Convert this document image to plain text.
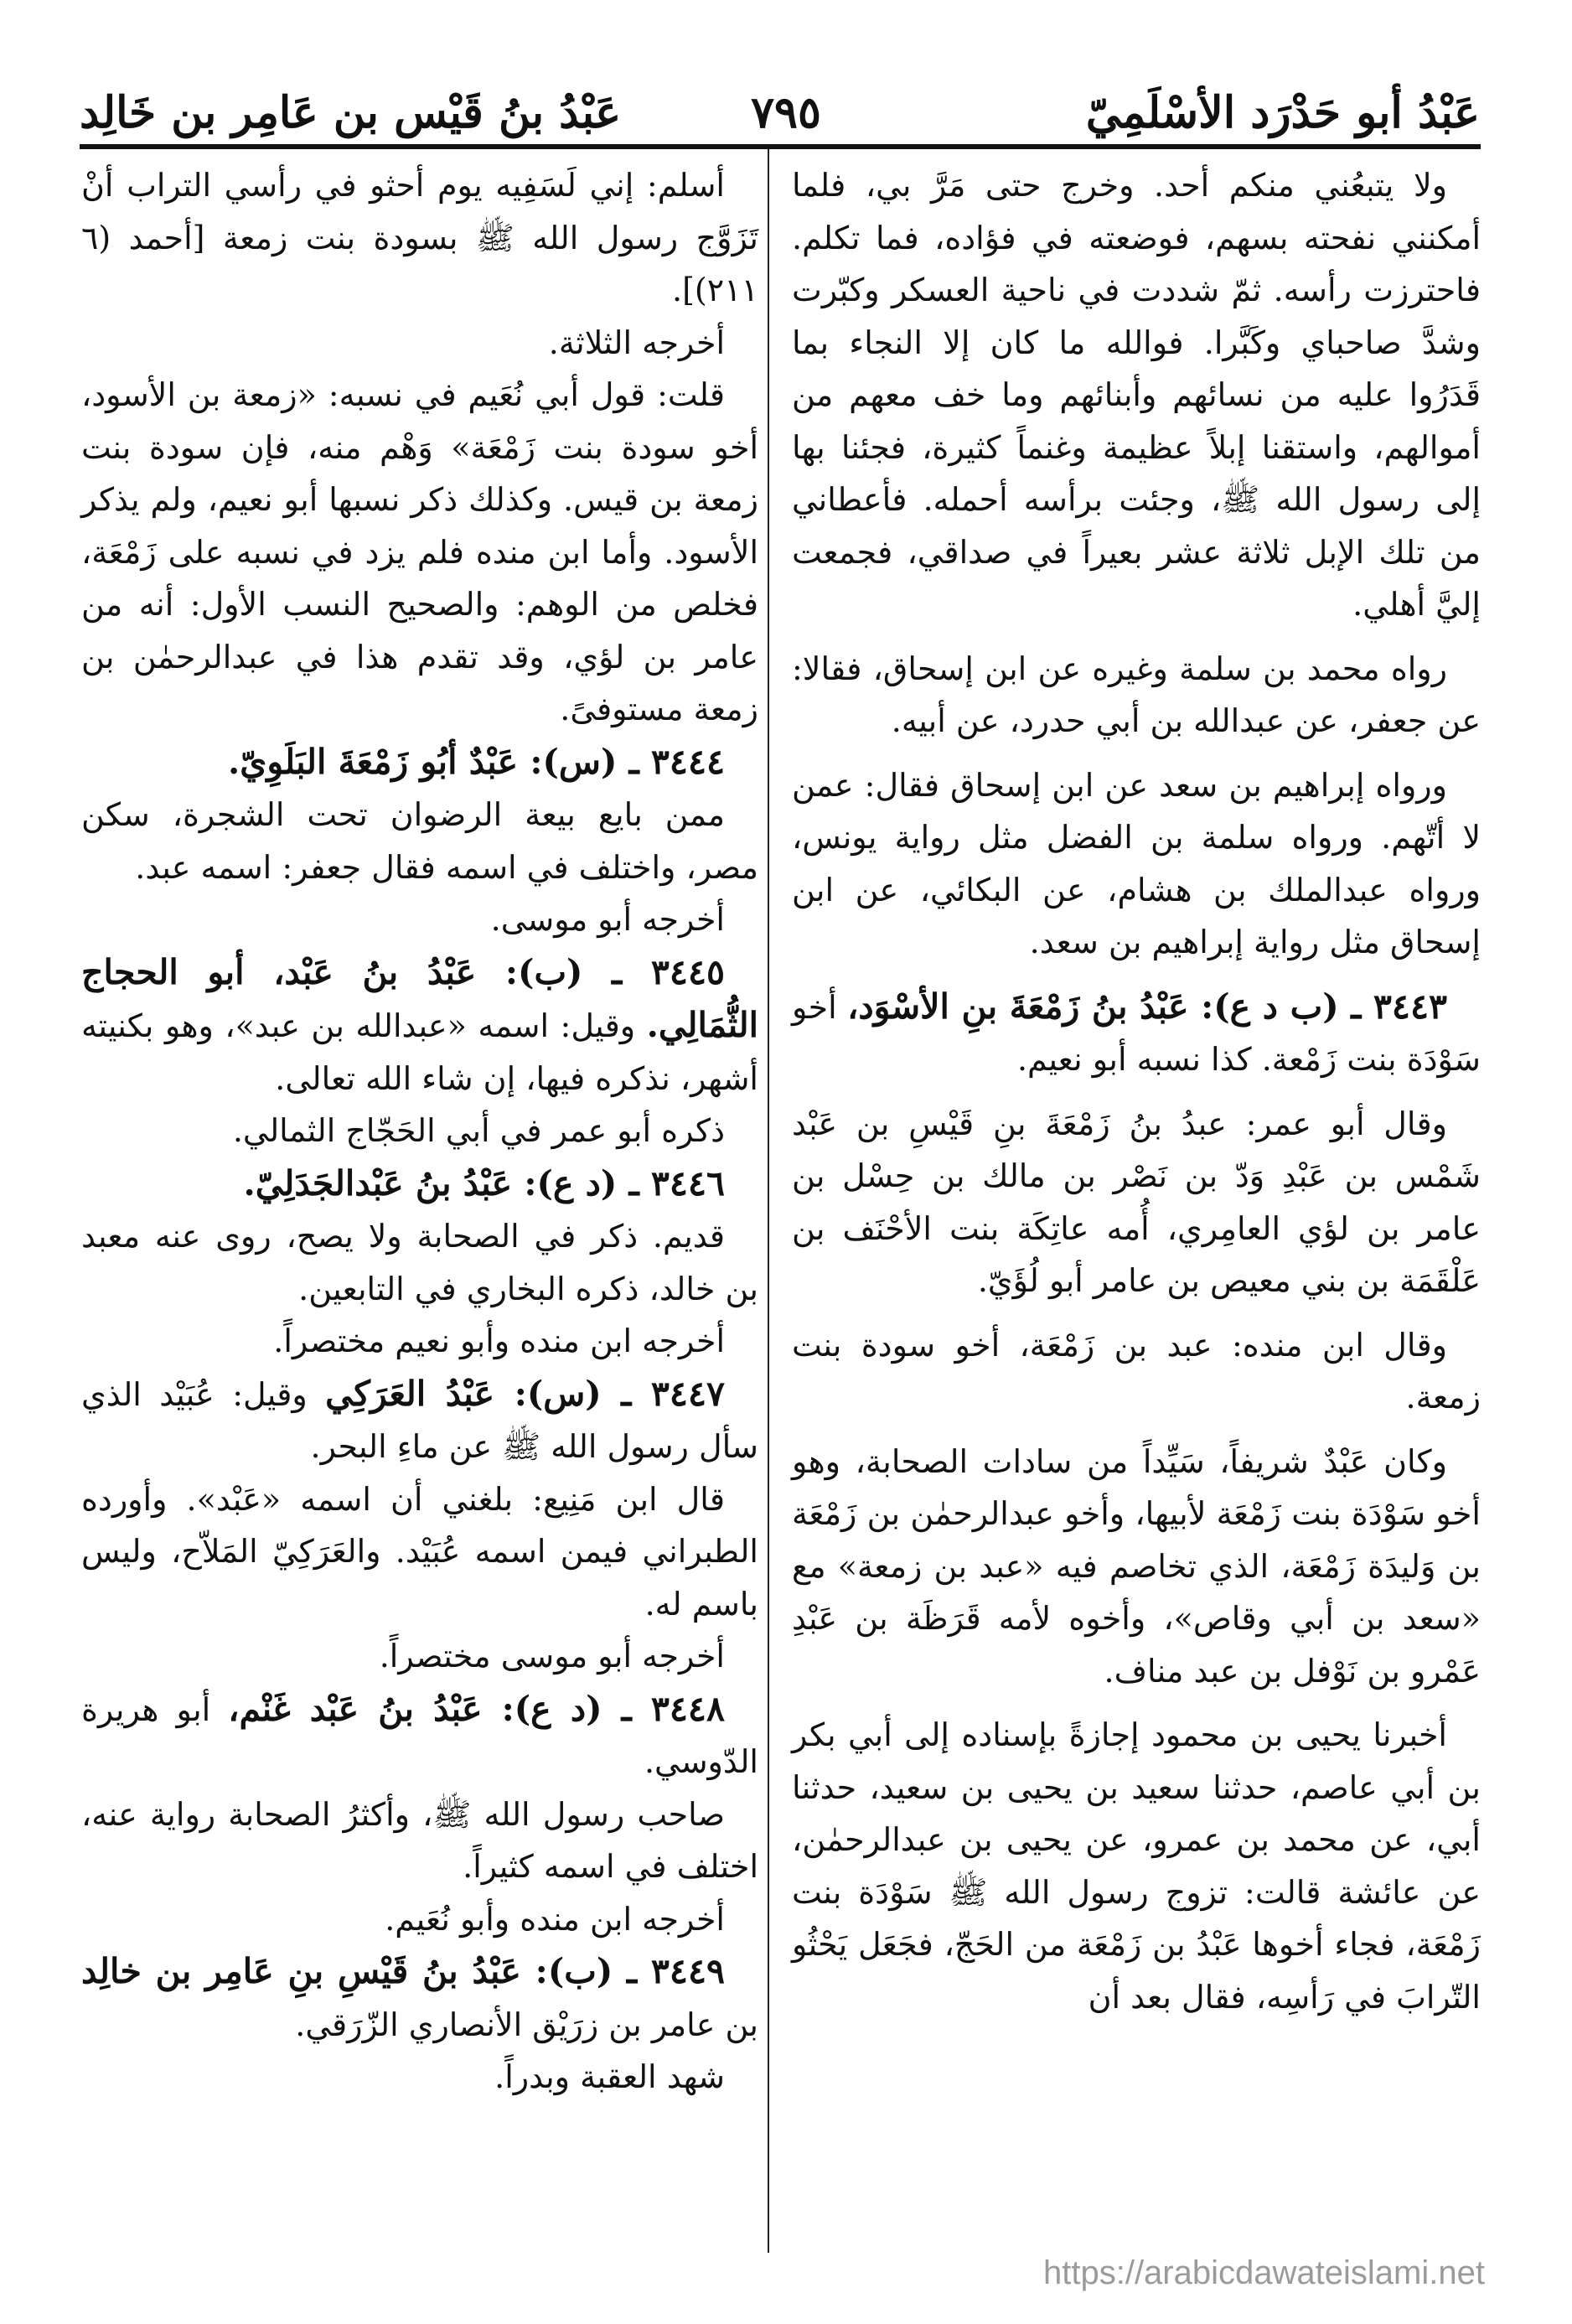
عَبْدُ أبو حَدْرَد الأسْلَمِيّ
٧٩٥
عَبْدُ بنُ قَيْس بن عَامِر بن خَالِد

ولا يتبعُني منكم أحد. وخرج حتى مَرَّ بي، فلما أمكنني نفحته بسهم، فوضعته في فؤاده، فما تكلم. فاحترزت رأسه. ثمّ شددت في ناحية العسكر وكبّرت وشدَّ صاحباي وكَبَّرا. فوالله ما كان إلا النجاء بما قَدَرُوا عليه من نسائهم وأبنائهم وما خف معهم من أموالهم، واستقنا إبلاً عظيمة وغنماً كثيرة، فجئنا بها إلى رسول الله ﷺ، وجئت برأسه أحمله. فأعطاني من تلك الإبل ثلاثة عشر بعيراً في صداقي، فجمعت إليَّ أهلي.

رواه محمد بن سلمة وغيره عن ابن إسحاق، فقالا: عن جعفر، عن عبدالله بن أبي حدرد، عن أبيه.

ورواه إبراهيم بن سعد عن ابن إسحاق فقال: عمن لا أتّهم. ورواه سلمة بن الفضل مثل رواية يونس، ورواه عبدالملك بن هشام، عن البكائي، عن ابن إسحاق مثل رواية إبراهيم بن سعد.

٣٤٤٣ ـ (ب د ع): عَبْدُ بنُ زَمْعَةَ بنِ الأسْوَد، أخو سَوْدَة بنت زَمْعة. كذا نسبه أبو نعيم.

وقال أبو عمر: عبدُ بنُ زَمْعَةَ بنِ قَيْسِ بن عَبْد شَمْس بن عَبْدِ وَدّ بن نَصْر بن مالك بن حِسْل بن عامر بن لؤي العامِري، أُمه عاتِكَة بنت الأحْنَف بن عَلْقَمَة بن بني معيص بن عامر أبو لُؤَيّ.

وقال ابن منده: عبد بن زَمْعَة، أخو سودة بنت زمعة.

وكان عَبْدٌ شريفاً، سَيِّداً من سادات الصحابة، وهو أخو سَوْدَة بنت زَمْعَة لأبيها، وأخو عبدالرحمٰن بن زَمْعَة بن وَليدَة زَمْعَة، الذي تخاصم فيه «عبد بن زمعة» مع «سعد بن أبي وقاص»، وأخوه لأمه قَرَظَة بن عَبْدِ عَمْرو بن نَوْفل بن عبد مناف.

أخبرنا يحيى بن محمود إجازةً بإسناده إلى أبي بكر بن أبي عاصم، حدثنا سعيد بن يحيى بن سعيد، حدثنا أبي، عن محمد بن عمرو، عن يحيى بن عبدالرحمٰن، عن عائشة قالت: تزوج رسول الله ﷺ سَوْدَة بنت زَمْعَة، فجاء أخوها عَبْدُ بن زَمْعَة من الحَجّ، فجَعَل يَحْثُو التّرابَ في رَأسِه، فقال بعد أن

أسلم: إني لَسَفِيه يوم أحثو في رأسي التراب أنْ تَزَوَّج رسول الله ﷺ بسودة بنت زمعة [أحمد (٦ ٢١١)].

أخرجه الثلاثة.

قلت: قول أبي نُعَيم في نسبه: «زمعة بن الأسود، أخو سودة بنت زَمْعَة» وَهْم منه، فإن سودة بنت زمعة بن قيس. وكذلك ذكر نسبها أبو نعيم، ولم يذكر الأسود. وأما ابن منده فلم يزد في نسبه على زَمْعَة، فخلص من الوهم: والصحيح النسب الأول: أنه من عامر بن لؤي، وقد تقدم هذا في عبدالرحمٰن بن زمعة مستوفىً.

٣٤٤٤ ـ (س): عَبْدٌ أبُو زَمْعَةَ البَلَوِيّ.

ممن بايع بيعة الرضوان تحت الشجرة، سكن مصر، واختلف في اسمه فقال جعفر: اسمه عبد.

أخرجه أبو موسى.

٣٤٤٥ ـ (ب): عَبْدُ بنُ عَبْد، أبو الحجاج الثُّمَالِي. وقيل: اسمه «عبدالله بن عبد»، وهو بكنيته أشهر، نذكره فيها، إن شاء الله تعالى.

ذكره أبو عمر في أبي الحَجّاج الثمالي.

٣٤٤٦ ـ (د ع): عَبْدُ بنُ عَبْدالجَدَلِيّ.

قديم. ذكر في الصحابة ولا يصح، روى عنه معبد بن خالد، ذكره البخاري في التابعين.

أخرجه ابن منده وأبو نعيم مختصراً.

٣٤٤٧ ـ (س): عَبْدُ العَرَكِي وقيل: عُبَيْد الذي سأل رسول الله ﷺ عن ماءِ البحر.

قال ابن مَنِيع: بلغني أن اسمه «عَبْد». وأورده الطبراني فيمن اسمه عُبَيْد. والعَرَكِيّ المَلاّح، وليس باسم له.

أخرجه أبو موسى مختصراً.

٣٤٤٨ ـ (د ع): عَبْدُ بنُ عَبْد غَنْم، أبو هريرة الدّوسي.

صاحب رسول الله ﷺ، وأكثرُ الصحابة رواية عنه، اختلف في اسمه كثيراً.

أخرجه ابن منده وأبو نُعَيم.

٣٤٤٩ ـ (ب): عَبْدُ بنُ قَيْسِ بنِ عَامِر بن خالِد بن عامر بن زرَيْق الأنصاري الزّرَقي.

شهد العقبة وبدراً.

https://arabicdawateislami.net
